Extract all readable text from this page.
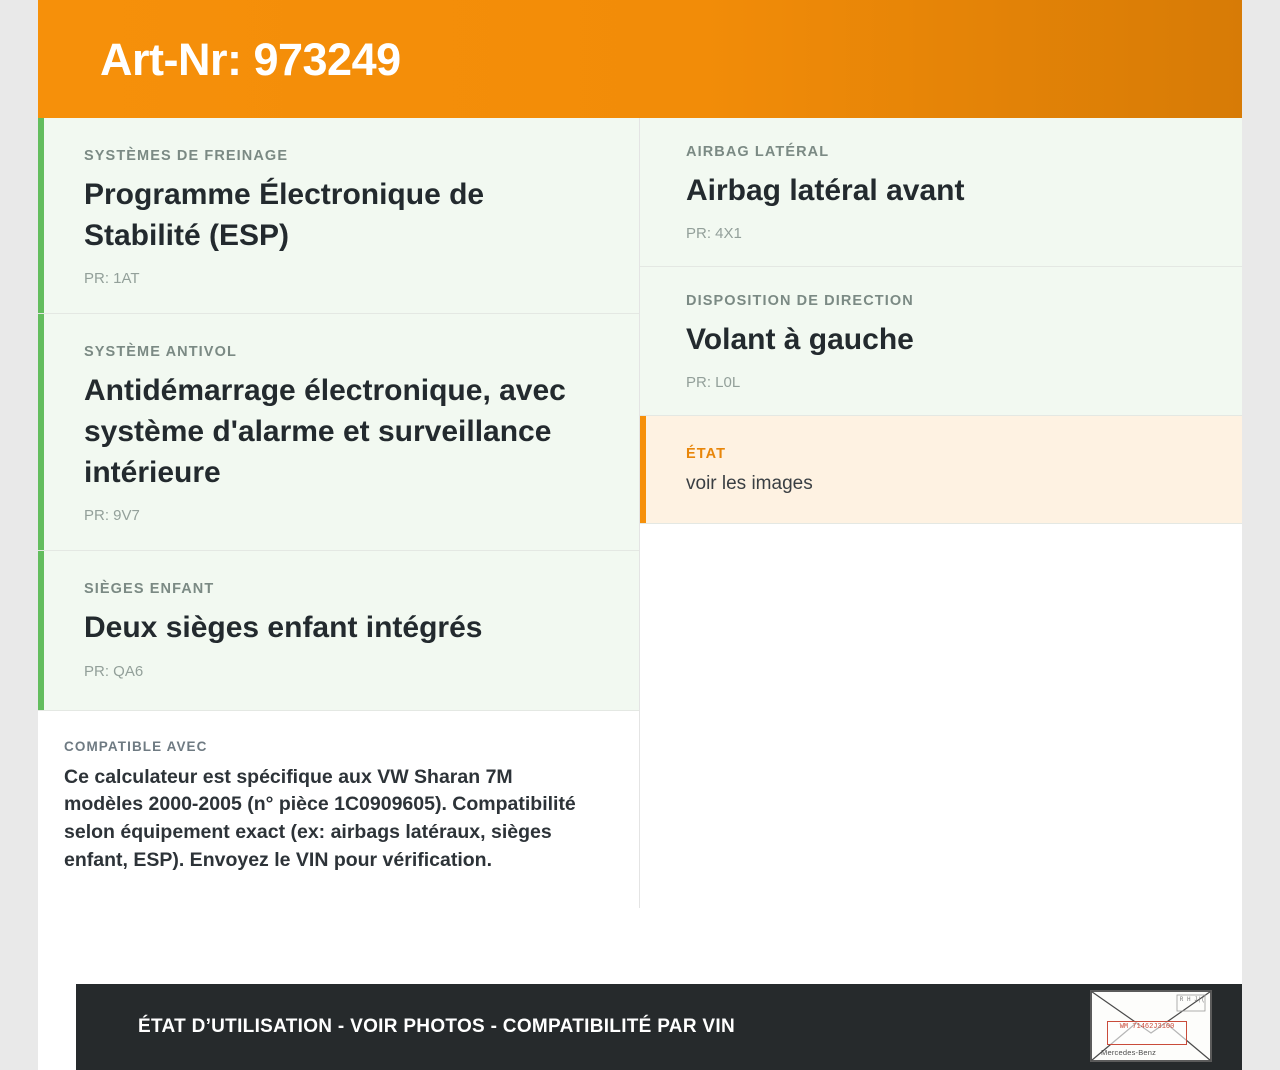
Art-Nr: 973249

SYSTÈMES DE FREINAGE

Programme Électronique de Stabilité (ESP)

PR: 1AT

SYSTÈME ANTIVOL

Antidémarrage électronique, avec système d'alarme et surveillance intérieure

PR: 9V7

SIÈGES ENFANT

Deux sièges enfant intégrés

PR: QA6

COMPATIBLE AVEC

Ce calculateur est spécifique aux VW Sharan 7M modèles 2000-2005 (n° pièce 1C0909605). Compatibilité selon équipement exact (ex: airbags latéraux, sièges enfant, ESP). Envoyez le VIN pour vérification.

AIRBAG LATÉRAL

Airbag latéral avant

PR: 4X1

DISPOSITION DE DIRECTION

Volant à gauche

PR: L0L

ÉTAT

voir les images

ÉTAT D’UTILISATION - VOIR PHOTOS - COMPATIBILITÉ PAR VIN	WM 71462J3100
R H J|(
Mercedes-Benz
